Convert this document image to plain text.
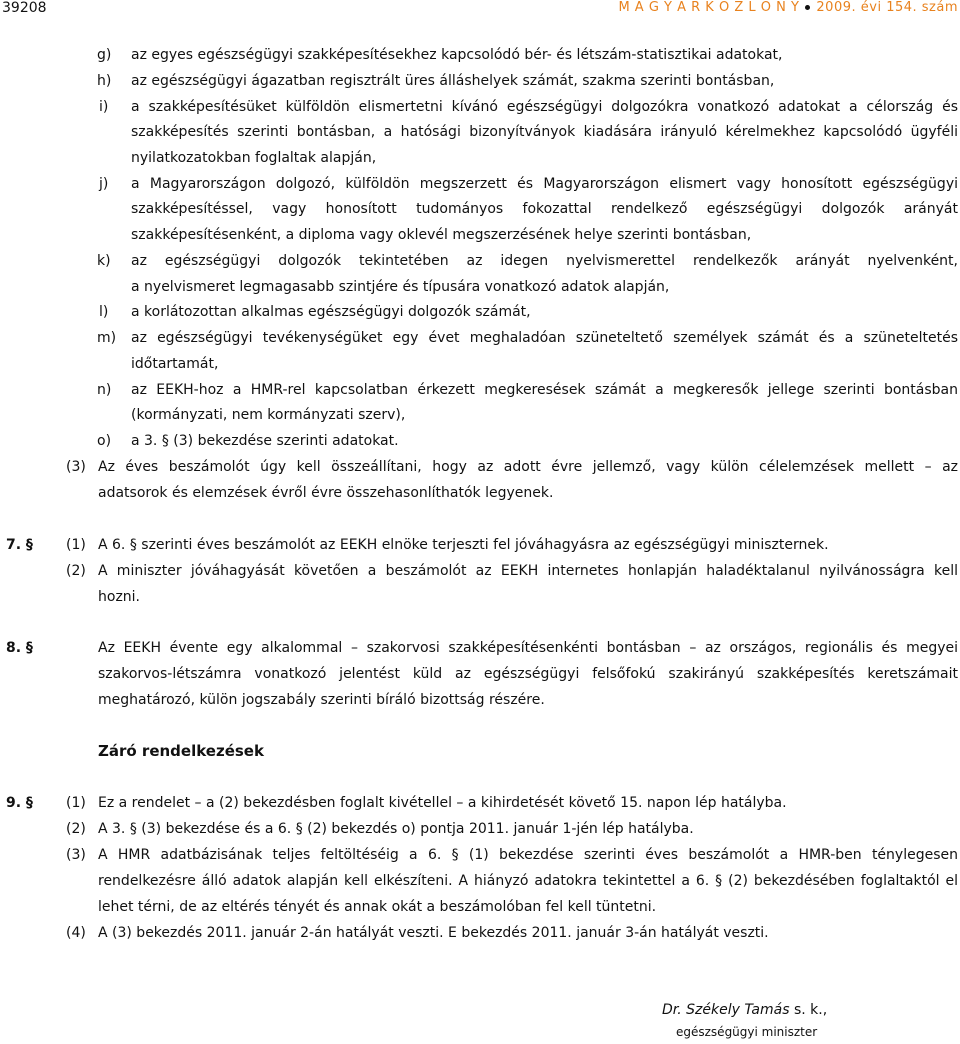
39208	M A G Y A R K Ö Z L Ö N Y 2009. évi 154. szám
g) az egyes egészségügyi szakképesítésekhez kapcsolódó bér- és létszám-statisztikai adatokat,
h) az egészségügyi ágazatban regisztrált üres álláshelyek számát, szakma szerinti bontásban,
i) a szakképesítésüket külföldön elismertetni kívánó egészségügyi dolgozókra vonatkozó adatokat a célország és
szakképesítés szerinti bontásban, a hatósági bizonyítványok kiadására irányuló kérelmekhez kapcsolódó ügyféli
nyilatkozatokban foglaltak alapján,
j) a Magyarországon dolgozó, külföldön megszerzett és Magyarországon elismert vagy honosított egészségügyi
szakképesítéssel, vagy honosított tudományos fokozattal rendelkező egészségügyi dolgozók arányát
szakképesítésenként, a diploma vagy oklevél megszerzésének helye szerinti bontásban,
k) az egészségügyi dolgozók tekintetében az idegen nyelvismerettel rendelkezők arányát nyelvenként,
a nyelvismeret legmagasabb szintjére és típusára vonatkozó adatok alapján,
l) a korlátozottan alkalmas egészségügyi dolgozók számát,
m) az egészségügyi tevékenységüket egy évet meghaladóan szüneteltető személyek számát és a szüneteltetés
időtartamát,
n) az EEKH-hoz a HMR-rel kapcsolatban érkezett megkeresések számát a megkeresők jellege szerinti bontásban
(kormányzati, nem kormányzati szerv),
o) a 3. § (3) bekezdése szerinti adatokat.
(3) Az éves beszámolót úgy kell összeállítani, hogy az adott évre jellemző, vagy külön célelemzések mellett – az
adatsorok és elemzések évről évre összehasonlíthatók legyenek.
7. § (1) A 6. § szerinti éves beszámolót az EEKH elnöke terjeszti fel jóváhagyásra az egészségügyi miniszternek.
(2) A miniszter jóváhagyását követően a beszámolót az EEKH internetes honlapján haladéktalanul nyilvánosságra kell
hozni.
8. §	Az EEKH évente egy alkalommal – szakorvosi szakképesítésenkénti bontásban – az országos, regionális és megyei
szakorvos-létszámra vonatkozó jelentést küld az egészségügyi felsőfokú szakirányú szakképesítés keretszámait
meghatározó, külön jogszabály szerinti bíráló bizottság részére.
Záró rendelkezések
9. § (1) Ez a rendelet – a (2) bekezdésben foglalt kivétellel – a kihirdetését követő 15. napon lép hatályba.
(2) A 3. § (3) bekezdése és a 6. § (2) bekezdés o) pontja 2011. január 1-jén lép hatályba.
(3) A HMR adatbázisának teljes feltöltéséig a 6. § (1) bekezdése szerinti éves beszámolót a HMR-ben ténylegesen
rendelkezésre álló adatok alapján kell elkészíteni. A hiányzó adatokra tekintettel a 6. § (2) bekezdésében foglaltaktól el
lehet térni, de az eltérés tényét és annak okát a beszámolóban fel kell tüntetni.
(4) A (3) bekezdés 2011. január 2-án hatályát veszti. E bekezdés 2011. január 3-án hatályát veszti.
Dr. Székely Tamás s. k.,
egészségügyi miniszter
